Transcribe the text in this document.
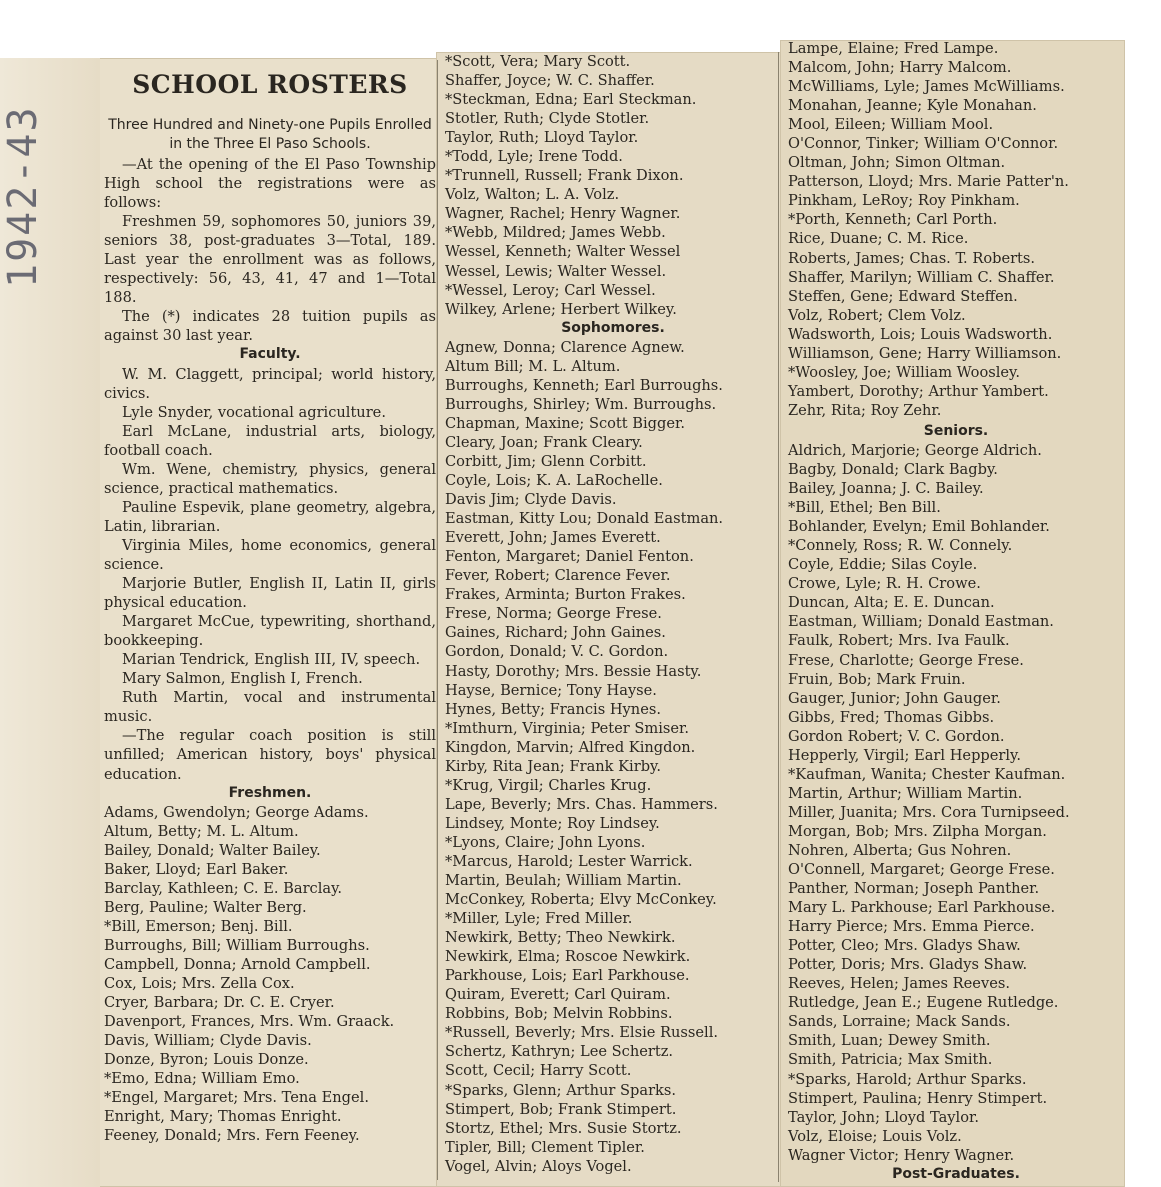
1942-43
SCHOOL ROSTERS
Three Hundred and Ninety-one Pupils Enrolled in the Three El Paso Schools.
—At the opening of the El Paso Township High school the registrations were as follows:
Freshmen 59, sophomores 50, juniors 39, seniors 38, post-graduates 3—Total, 189. Last year the enrollment was as follows, respectively: 56, 43, 41, 47 and 1—Total 188.
The (*) indicates 28 tuition pupils as against 30 last year.
Faculty.
W. M. Claggett, principal; world history, civics.
Lyle Snyder, vocational agriculture.
Earl McLane, industrial arts, biology, football coach.
Wm. Wene, chemistry, physics, general science, practical mathematics.
Pauline Espevik, plane geometry, algebra, Latin, librarian.
Virginia Miles, home economics, general science.
Marjorie Butler, English II, Latin II, girls physical education.
Margaret McCue, typewriting, shorthand, bookkeeping.
Marian Tendrick, English III, IV, speech.
Mary Salmon, English I, French.
Ruth Martin, vocal and instrumental music.
—The regular coach position is still unfilled; American history, boys' physical education.
Freshmen.
Adams, Gwendolyn; George Adams.
Altum, Betty; M. L. Altum.
Bailey, Donald; Walter Bailey.
Baker, Lloyd; Earl Baker.
Barclay, Kathleen; C. E. Barclay.
Berg, Pauline; Walter Berg.
*Bill, Emerson; Benj. Bill.
Burroughs, Bill; William Burroughs.
Campbell, Donna; Arnold Campbell.
Cox, Lois; Mrs. Zella Cox.
Cryer, Barbara; Dr. C. E. Cryer.
Davenport, Frances, Mrs. Wm. Graack.
Davis, William; Clyde Davis.
Donze, Byron; Louis Donze.
*Emo, Edna; William Emo.
*Engel, Margaret; Mrs. Tena Engel.
Enright, Mary; Thomas Enright.
Feeney, Donald; Mrs. Fern Feeney.
*Scott, Vera; Mary Scott.
Shaffer, Joyce; W. C. Shaffer.
*Steckman, Edna; Earl Steckman.
Stotler, Ruth; Clyde Stotler.
Taylor, Ruth; Lloyd Taylor.
*Todd, Lyle; Irene Todd.
*Trunnell, Russell; Frank Dixon.
Volz, Walton; L. A. Volz.
Wagner, Rachel; Henry Wagner.
*Webb, Mildred; James Webb.
Wessel, Kenneth; Walter Wessel
Wessel, Lewis; Walter Wessel.
*Wessel, Leroy; Carl Wessel.
Wilkey, Arlene; Herbert Wilkey.
Sophomores.
Agnew, Donna; Clarence Agnew.
Altum Bill; M. L. Altum.
Burroughs, Kenneth; Earl Burroughs.
Burroughs, Shirley; Wm. Burroughs.
Chapman, Maxine; Scott Bigger.
Cleary, Joan; Frank Cleary.
Corbitt, Jim; Glenn Corbitt.
Coyle, Lois; K. A. LaRochelle.
Davis Jim; Clyde Davis.
Eastman, Kitty Lou; Donald Eastman.
Everett, John; James Everett.
Fenton, Margaret; Daniel Fenton.
Fever, Robert; Clarence Fever.
Frakes, Arminta; Burton Frakes.
Frese, Norma; George Frese.
Gaines, Richard; John Gaines.
Gordon, Donald; V. C. Gordon.
Hasty, Dorothy; Mrs. Bessie Hasty.
Hayse, Bernice; Tony Hayse.
Hynes, Betty; Francis Hynes.
*Imthurn, Virginia; Peter Smiser.
Kingdon, Marvin; Alfred Kingdon.
Kirby, Rita Jean; Frank Kirby.
*Krug, Virgil; Charles Krug.
Lape, Beverly; Mrs. Chas. Hammers.
Lindsey, Monte; Roy Lindsey.
*Lyons, Claire; John Lyons.
*Marcus, Harold; Lester Warrick.
Martin, Beulah; William Martin.
McConkey, Roberta; Elvy McConkey.
*Miller, Lyle; Fred Miller.
Newkirk, Betty; Theo Newkirk.
Newkirk, Elma; Roscoe Newkirk.
Parkhouse, Lois; Earl Parkhouse.
Quiram, Everett; Carl Quiram.
Robbins, Bob; Melvin Robbins.
*Russell, Beverly; Mrs. Elsie Russell.
Schertz, Kathryn; Lee Schertz.
Scott, Cecil; Harry Scott.
*Sparks, Glenn; Arthur Sparks.
Stimpert, Bob; Frank Stimpert.
Stortz, Ethel; Mrs. Susie Stortz.
Tipler, Bill; Clement Tipler.
Vogel, Alvin; Aloys Vogel.
Lampe, Elaine; Fred Lampe.
Malcom, John; Harry Malcom.
McWilliams, Lyle; James McWilliams.
Monahan, Jeanne; Kyle Monahan.
Mool, Eileen; William Mool.
O'Connor, Tinker; William O'Connor.
Oltman, John; Simon Oltman.
Patterson, Lloyd; Mrs. Marie Patter'n.
Pinkham, LeRoy; Roy Pinkham.
*Porth, Kenneth; Carl Porth.
Rice, Duane; C. M. Rice.
Roberts, James; Chas. T. Roberts.
Shaffer, Marilyn; William C. Shaffer.
Steffen, Gene; Edward Steffen.
Volz, Robert; Clem Volz.
Wadsworth, Lois; Louis Wadsworth.
Williamson, Gene; Harry Williamson.
*Woosley, Joe; William Woosley.
Yambert, Dorothy; Arthur Yambert.
Zehr, Rita; Roy Zehr.
Seniors.
Aldrich, Marjorie; George Aldrich.
Bagby, Donald; Clark Bagby.
Bailey, Joanna; J. C. Bailey.
*Bill, Ethel; Ben Bill.
Bohlander, Evelyn; Emil Bohlander.
*Connely, Ross; R. W. Connely.
Coyle, Eddie; Silas Coyle.
Crowe, Lyle; R. H. Crowe.
Duncan, Alta; E. E. Duncan.
Eastman, William; Donald Eastman.
Faulk, Robert; Mrs. Iva Faulk.
Frese, Charlotte; George Frese.
Fruin, Bob; Mark Fruin.
Gauger, Junior; John Gauger.
Gibbs, Fred; Thomas Gibbs.
Gordon Robert; V. C. Gordon.
Hepperly, Virgil; Earl Hepperly.
*Kaufman, Wanita; Chester Kaufman.
Martin, Arthur; William Martin.
Miller, Juanita; Mrs. Cora Turnipseed.
Morgan, Bob; Mrs. Zilpha Morgan.
Nohren, Alberta; Gus Nohren.
O'Connell, Margaret; George Frese.
Panther, Norman; Joseph Panther.
Mary L. Parkhouse; Earl Parkhouse.
Harry Pierce; Mrs. Emma Pierce.
Potter, Cleo; Mrs. Gladys Shaw.
Potter, Doris; Mrs. Gladys Shaw.
Reeves, Helen; James Reeves.
Rutledge, Jean E.; Eugene Rutledge.
Sands, Lorraine; Mack Sands.
Smith, Luan; Dewey Smith.
Smith, Patricia; Max Smith.
*Sparks, Harold; Arthur Sparks.
Stimpert, Paulina; Henry Stimpert.
Taylor, John; Lloyd Taylor.
Volz, Eloise; Louis Volz.
Wagner Victor; Henry Wagner.
Post-Graduates.
